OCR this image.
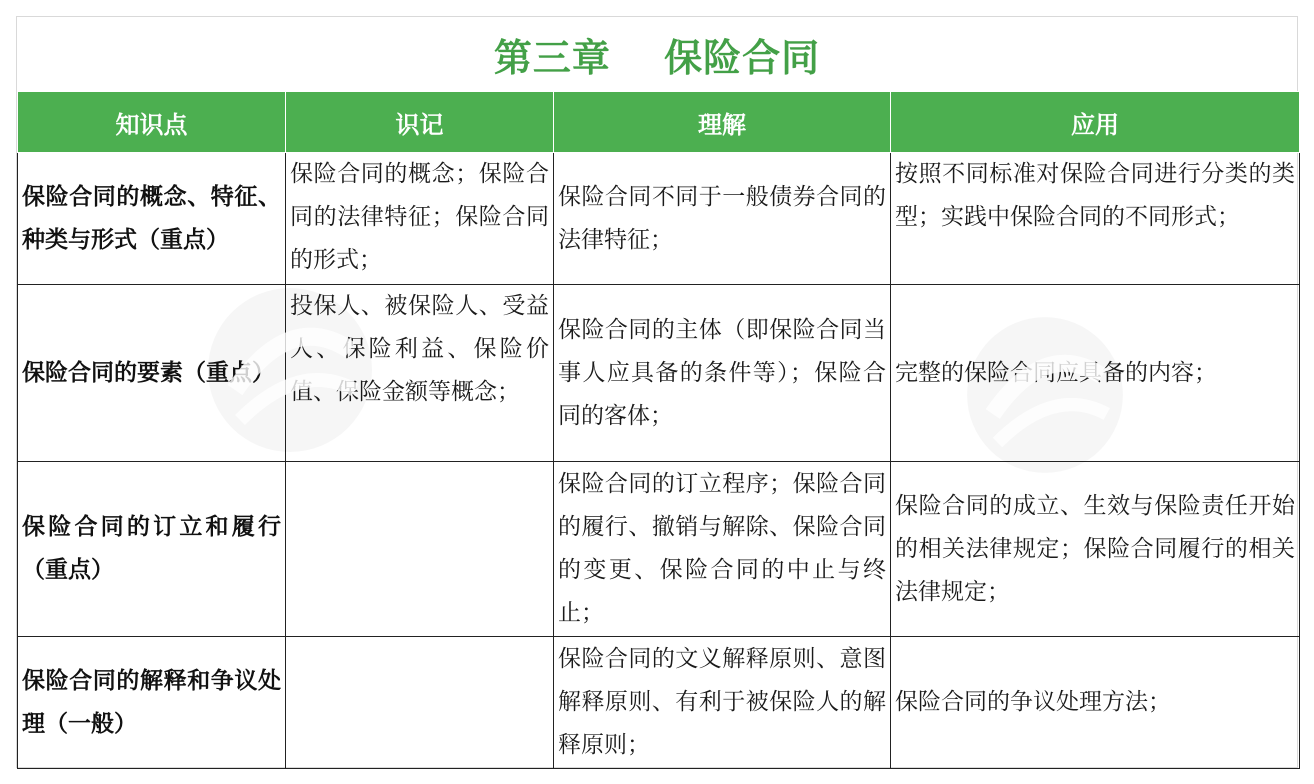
第三章　 保险合同
知识点	识记	理解	应用
保险合同的概念、特征、种类与形式（重点）	保险合同的概念；保险合同的法律特征；保险合同的形式；	保险合同不同于一般债券合同的法律特征；	按照不同标准对保险合同进行分类的类型；实践中保险合同的不同形式；
保险合同的要素（重点）	投保人、被保险人、受益人、保险利益、保险价值、保险金额等概念；	保险合同的主体（即保险合同当事人应具备的条件等）；保险合同的客体；	完整的保险合同应具备的内容；
保险合同的订立和履行（重点）		保险合同的订立程序；保险合同的履行、撤销与解除、保险合同的变更、保险合同的中止与终止；	保险合同的成立、生效与保险责任开始的相关法律规定；保险合同履行的相关法律规定；
保险合同的解释和争议处理（一般）		保险合同的文义解释原则、意图解释原则、有利于被保险人的解释原则；	保险合同的争议处理方法；
